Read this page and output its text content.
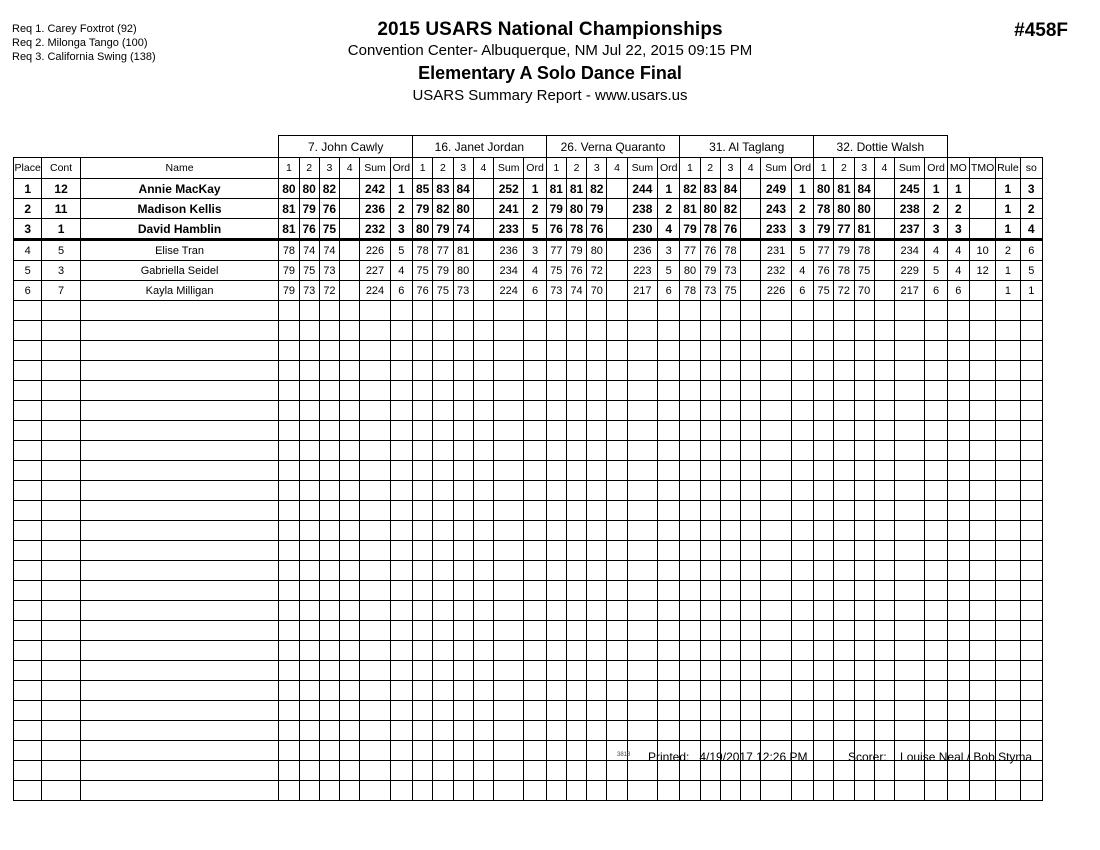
Req 1. Carey Foxtrot (92)
Req 2. Milonga Tango (100)
Req 3. California Swing (138)
2015 USARS National Championships
Convention Center- Albuquerque, NM Jul 22, 2015 09:15 PM
Elementary A Solo Dance Final
USARS Summary Report - www.usars.us
#458F
			7. John Cawly						16. Janet Jordan						26. Verna Quaranto						31. Al Taglang						32. Dottie Walsh									
Place	Cont	Name	1	2	3	4	Sum	Ord	1	2	3	4	Sum	Ord	1	2	3	4	Sum	Ord	1	2	3	4	Sum	Ord	1	2	3	4	Sum	Ord	MO	TMO	Rule	so
1	12	Annie MacKay	80	80	82		242	1	85	83	84		252	1	81	81	82		244	1	82	83	84		249	1	80	81	84		245	1	1		1	3
2	11	Madison Kellis	81	79	76		236	2	79	82	80		241	2	79	80	79		238	2	81	80	82		243	2	78	80	80		238	2	2		1	2
3	1	David Hamblin	81	76	75		232	3	80	79	74		233	5	76	78	76		230	4	79	78	76		233	3	79	77	81		237	3	3		1	4
4	5	Elise Tran	78	74	74		226	5	78	77	81		236	3	77	79	80		236	3	77	76	78		231	5	77	79	78		234	4	4	10	2	6
5	3	Gabriella Seidel	79	75	73		227	4	75	79	80		234	4	75	76	72		223	5	80	79	73		232	4	76	78	75		229	5	4	12	1	5
6	7	Kayla Milligan	79	73	72		224	6	76	75	73		224	6	73	74	70		217	6	78	73	75		226	6	75	72	70		217	6	6		1	1

3818 Printed: 4/19/2017 12:26 PM	Scorer: Louise Neal / Bob Styma
